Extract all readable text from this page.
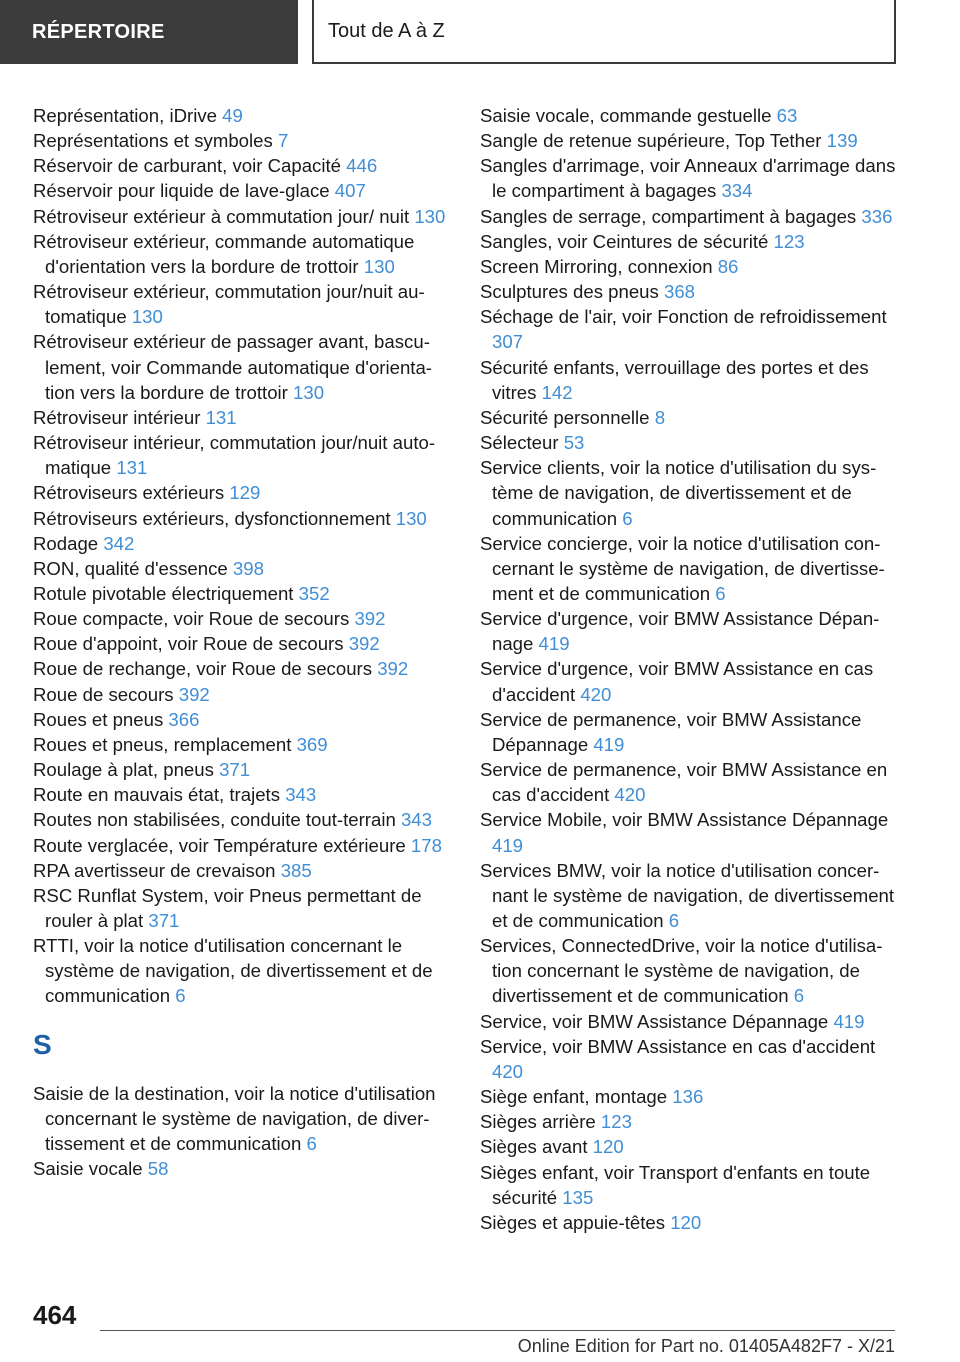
RÉPERTOIRE	Tout de A à Z
Représentation, iDrive 49
Représentations et symboles 7
Réservoir de carburant, voir Capacité 446
Réservoir pour liquide de lave-glace 407
Rétroviseur extérieur à commutation jour/ nuit 130
Rétroviseur extérieur, commande automatique d'orientation vers la bordure de trottoir 130
Rétroviseur extérieur, commutation jour/nuit automatique 130
Rétroviseur extérieur de passager avant, basculement, voir Commande automatique d'orientation vers la bordure de trottoir 130
Rétroviseur intérieur 131
Rétroviseur intérieur, commutation jour/nuit automatique 131
Rétroviseurs extérieurs 129
Rétroviseurs extérieurs, dysfonctionnement 130
Rodage 342
RON, qualité d'essence 398
Rotule pivotable électriquement 352
Roue compacte, voir Roue de secours 392
Roue d'appoint, voir Roue de secours 392
Roue de rechange, voir Roue de secours 392
Roue de secours 392
Roues et pneus 366
Roues et pneus, remplacement 369
Roulage à plat, pneus 371
Route en mauvais état, trajets 343
Routes non stabilisées, conduite tout-terrain 343
Route verglacée, voir Température extérieure 178
RPA avertisseur de crevaison 385
RSC Runflat System, voir Pneus permettant de rouler à plat 371
RTTI, voir la notice d'utilisation concernant le système de navigation, de divertissement et de communication 6
S
Saisie de la destination, voir la notice d'utilisation concernant le système de navigation, de divertissement et de communication 6
Saisie vocale 58
Saisie vocale, commande gestuelle 63
Sangle de retenue supérieure, Top Tether 139
Sangles d'arrimage, voir Anneaux d'arrimage dans le compartiment à bagages 334
Sangles de serrage, compartiment à bagages 336
Sangles, voir Ceintures de sécurité 123
Screen Mirroring, connexion 86
Sculptures des pneus 368
Séchage de l'air, voir Fonction de refroidissement 307
Sécurité enfants, verrouillage des portes et des vitres 142
Sécurité personnelle 8
Sélecteur 53
Service clients, voir la notice d'utilisation du système de navigation, de divertissement et de communication 6
Service concierge, voir la notice d'utilisation concernant le système de navigation, de divertissement et de communication 6
Service d'urgence, voir BMW Assistance Dépannage 419
Service d'urgence, voir BMW Assistance en cas d'accident 420
Service de permanence, voir BMW Assistance Dépannage 419
Service de permanence, voir BMW Assistance en cas d'accident 420
Service Mobile, voir BMW Assistance Dépannage 419
Services BMW, voir la notice d'utilisation concernant le système de navigation, de divertissement et de communication 6
Services, ConnectedDrive, voir la notice d'utilisation concernant le système de navigation, de divertissement et de communication 6
Service, voir BMW Assistance Dépannage 419
Service, voir BMW Assistance en cas d'accident 420
Siège enfant, montage 136
Sièges arrière 123
Sièges avant 120
Sièges enfant, voir Transport d'enfants en toute sécurité 135
Sièges et appuie-têtes 120
464
Online Edition for Part no. 01405A482F7 - X/21
